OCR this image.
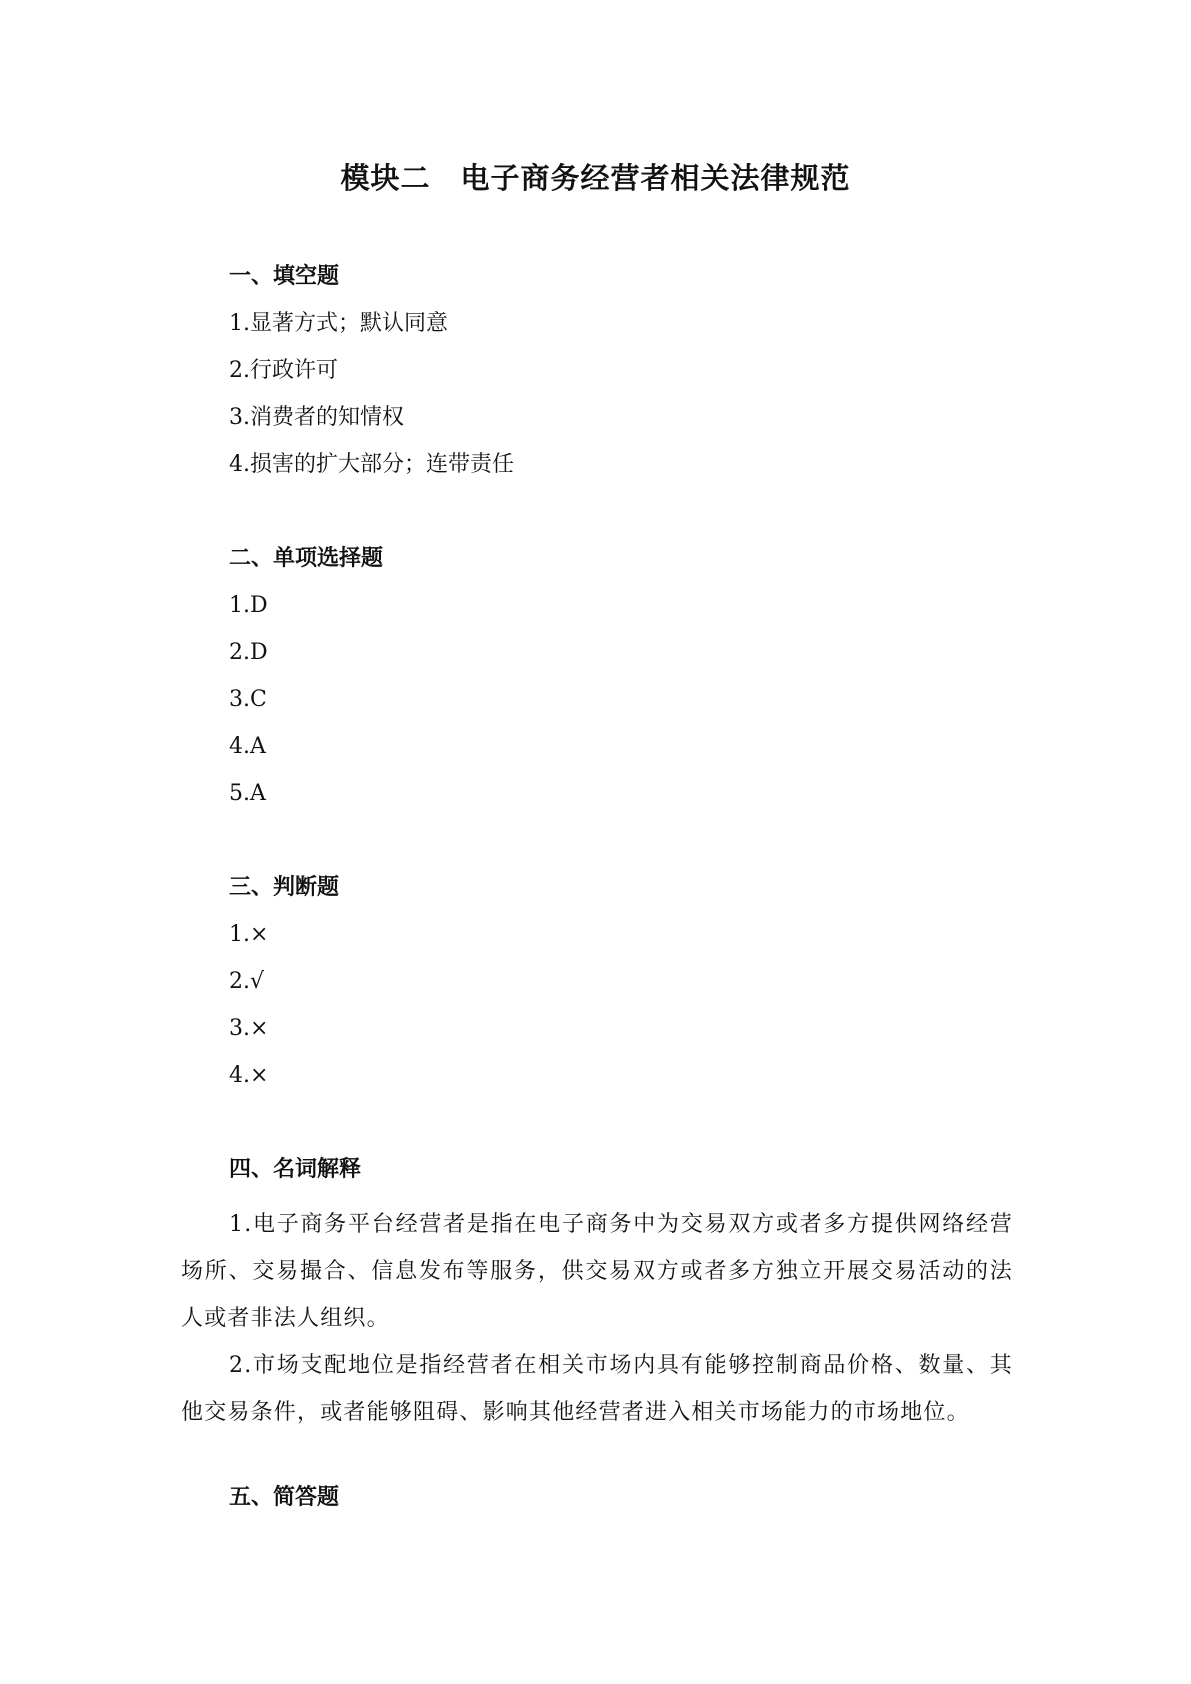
模块二　电子商务经营者相关法律规范
一、填空题
1.显著方式；默认同意
2.行政许可
3.消费者的知情权
4.损害的扩大部分；连带责任
二、单项选择题
1.D
2.D
3.C
4.A
5.A
三、判断题
1.×
2.√
3.×
4.×
四、名词解释

1.电子商务平台经营者是指在电子商务中为交易双方或者多方提供网络经营场所、交易撮合、信息发布等服务，供交易双方或者多方独立开展交易活动的法人或者非法人组织。

2.市场支配地位是指经营者在相关市场内具有能够控制商品价格、数量、其他交易条件，或者能够阻碍、影响其他经营者进入相关市场能力的市场地位。

五、简答题
